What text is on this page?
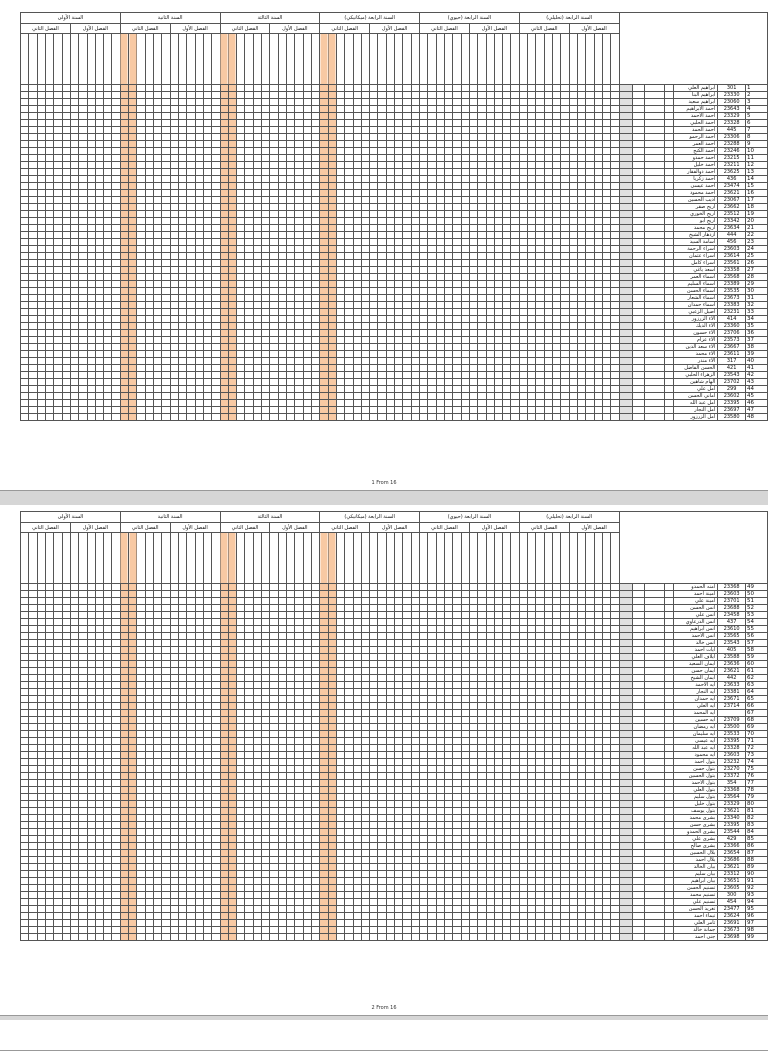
السنة الأولى	السنة الثانية	السنة الثالثة	السنة الرابعة (ميكانيكي)	السنة الرابعة (حيوي)	السنة الرابعة (تحليلي)	
الفصل الثاني	الفصل الأول	الفصل الثاني	الفصل الأول	الفصل الثاني	الفصل الأول	الفصل الثاني	الفصل الأول	الفصل الثاني	الفصل الأول	الفصل الثاني	الفصل الأول

																																																																												ابراهيم العلي	301	1
																																																																												ابراهيم البنا	23330	2
																																																																												ابراهيم سعيد	23060	3
																																																																												احمد الابراهيم	23643	4
																																																																												احمد الاحمد	23329	5
																																																																												احمد الحلبي	23328	6
																																																																												احمد الحمد	445	7
																																																																												احمد الرحمو	23306	8
																																																																												احمد العمر	23288	9
																																																																												احمد الكنج	23246	10
																																																																												احمد حمدو	23215	11
																																																																												احمد خليل	23211	12
																																																																												احمد ذوالفقار	23625	13
																																																																												احمد زكريا	436	14
																																																																												احمد عيسى	23474	15
																																																																												احمد محمود	23621	16
																																																																												اديب الحسين	23067	17
																																																																												اريج صقر	23662	18
																																																																												اريج الخوري	23512	19
																																																																												اريج ابو	23342	20
																																																																												اريج محمد	23634	21
																																																																												ازدهار الشيخ	444	22
																																																																												اسامة السيد	456	23
																																																																												اسراء الرحمة	23603	24
																																																																												اسراء عثمان	23614	25
																																																																												اسراء كامل	23561	26
																																																																												اسعد ياغي	23358	27
																																																																												اسماء العمر	23568	28
																																																																												اسماء السليم	23389	29
																																																																												اسماء الحسن	23535	30
																																																																												اسماء الشعار	23673	31
																																																																												اسماء حمدان	23383	32
																																																																												اصيل الزعبي	23231	33
																																																																												آلاء الزرزور	414	34
																																																																												آلاء الديك	23360	35
																																																																												آلاء حسون	23706	36
																																																																												آلاء عزام	23573	37
																																																																												آلاء سعد الدين	23667	38
																																																																												آلاء محمد	23611	39
																																																																												آلاء منذر	317	40
																																																																												الحسن الفاضل	421	41
																																																																												الزهراء الحلبي	23543	42
																																																																												الهام شاهين	23702	43
																																																																												امل علي	299	44
																																																																												اماني الحسن	23602	45
																																																																												امل عبد الله	23395	46
																																																																												امل النجار	23697	47
																																																																												امل الزرزور	23580	48
1 From 16
السنة الأولى	السنة الثانية	السنة الثالثة	السنة الرابعة (ميكانيكي)	السنة الرابعة (حيوي)	السنة الرابعة (تحليلي)	
الفصل الثاني	الفصل الأول	الفصل الثاني	الفصل الأول	الفصل الثاني	الفصل الأول	الفصل الثاني	الفصل الأول	الفصل الثاني	الفصل الأول	الفصل الثاني	الفصل الأول

																																																																												امنه الحمدو	23368	49
																																																																												امينة احمد	23603	50
																																																																												امينة علي	23701	51
																																																																												انس الحسن	23688	52
																																																																												انس علي	23458	53
																																																																												انس الدرعاوي	437	54
																																																																												انس ابراهيم	23610	55
																																																																												انس الاحمد	23565	56
																																																																												انس خالد	23543	57
																																																																												ايات احمد	405	58
																																																																												ايلاف العلي	23588	59
																																																																												ايمان السعيد	23636	60
																																																																												ايمان حسن	23621	61
																																																																												ايمان الشيخ	442	62
																																																																												ايه الاحمد	23633	63
																																																																												ايه النجار	23381	64
																																																																												ايه حمدان	23671	65
																																																																												ايه العلي	23714	66
																																																																												ايه المحمد		67
																																																																												ايه حسين	23709	68
																																																																												ايه رمضان	23500	69
																																																																												ايه سليمان	23533	70
																																																																												ايه عيسى	23395	71
																																																																												ايه عبد الله	23328	72
																																																																												ايه محمود	23603	73
																																																																												بتول احمد	23232	74
																																																																												بتول حسن	23270	75
																																																																												بتول الحسين	23372	76
																																																																												بتول الاحمد	354	77
																																																																												بتول العلي	23368	78
																																																																												بتول سليم	23564	79
																																																																												بتول خليل	23329	80
																																																																												بتول يوسف	23621	81
																																																																												بشرى محمد	23340	82
																																																																												بشرى حسن	23395	83
																																																																												بشرى الحمدو	23544	84
																																																																												بشرى علي	429	85
																																																																												بشرى صالح	23366	86
																																																																												بلال الحسين	23654	87
																																																																												بلال احمد	23686	88
																																																																												بيان الخالد	23621	89
																																																																												بيان سليم	23312	90
																																																																												بيان ابراهيم	23651	91
																																																																												تسنيم الحسن	23605	92
																																																																												تسنيم محمد	300	93
																																																																												تسنيم علي	454	94
																																																																												تغريد الحسن	23477	95
																																																																												تيماء احمد	23624	96
																																																																												ثامر العلي	23691	97
																																																																												جمانة خالد	23673	98
																																																																												جنى احمد	23698	99
2 From 16
